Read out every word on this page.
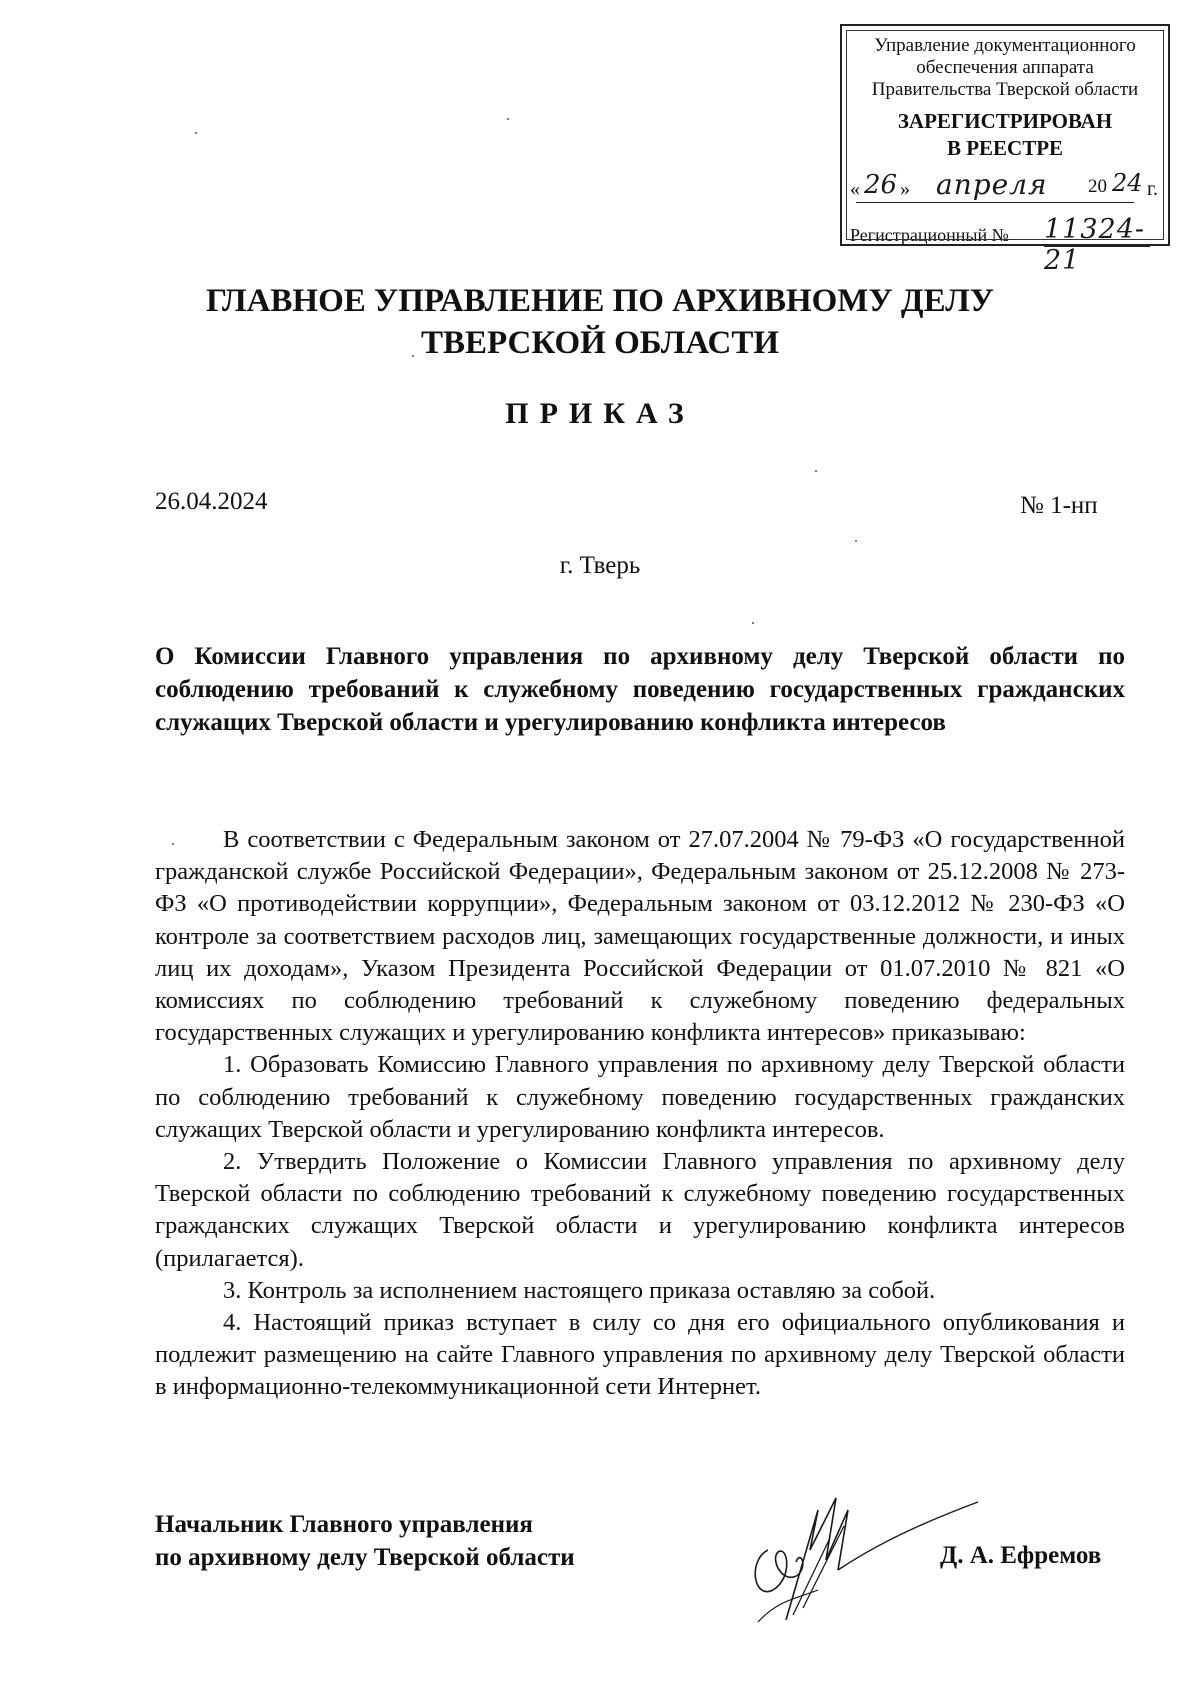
Управление документационного
обеспечения аппарата
Правительства Тверской области
ЗАРЕГИСТРИРОВАН
В РЕЕСТРЕ
« 26 » апреля 20 24 г.
Регистрационный № 11324-21
ГЛАВНОЕ УПРАВЛЕНИЕ ПО АРХИВНОМУ ДЕЛУ
ТВЕРСКОЙ ОБЛАСТИ
ПРИКАЗ
26.04.2024	№ 1-нп
г. Тверь
О Комиссии Главного управления по архивному делу Тверской области по соблюдению требований к служебному поведению государственных гражданских служащих Тверской области и урегулированию конфликта интересов

В соответствии с Федеральным законом от 27.07.2004 № 79-ФЗ «О государственной гражданской службе Российской Федерации», Федеральным законом от 25.12.2008 № 273-ФЗ «О противодействии коррупции», Федеральным законом от 03.12.2012 № 230-ФЗ «О контроле за соответствием расходов лиц, замещающих государственные должности, и иных лиц их доходам», Указом Президента Российской Федерации от 01.07.2010 № 821 «О комиссиях по соблюдению требований к служебному поведению федеральных государственных служащих и урегулированию конфликта интересов» приказываю:

1. Образовать Комиссию Главного управления по архивному делу Тверской области по соблюдению требований к служебному поведению государственных гражданских служащих Тверской области и урегулированию конфликта интересов.

2. Утвердить Положение о Комиссии Главного управления по архивному делу Тверской области по соблюдению требований к служебному поведению государственных гражданских служащих Тверской области и урегулированию конфликта интересов (прилагается).

3. Контроль за исполнением настоящего приказа оставляю за собой.

4. Настоящий приказ вступает в силу со дня его официального опубликования и подлежит размещению на сайте Главного управления по архивному делу Тверской области в информационно-телекоммуникационной сети Интернет.

Начальник Главного управления
по архивному делу Тверской области	Д. А. Ефремов
